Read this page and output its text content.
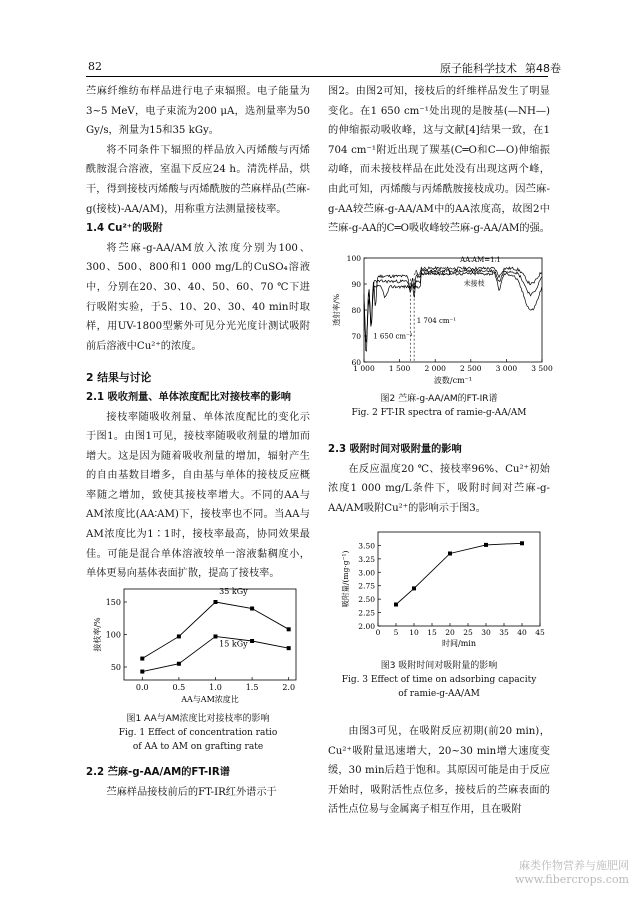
82	原子能科学技术 第48卷

苎麻纤维纺布样品进行电子束辐照。电子能量为3~5 MeV，电子束流为200 μA，选剂量率为50 Gy/s，剂量为15和35 kGy。

将不同条件下辐照的样品放入丙烯酸与丙烯酰胺混合溶液，室温下反应24 h。清洗样品，烘干，得到接枝丙烯酸与丙烯酰胺的苎麻样品(苎麻-g(接枝)-AA/AM)，用称重方法测量接枝率。

1.4 Cu²⁺的吸附

将苎麻-g-AA/AM放入浓度分别为100、300、500、800和1 000 mg/L的CuSO₄溶液中，分别在20、30、40、50、60、70 ℃下进行吸附实验，于5、10、20、30、40 min时取样，用UV-1800型紫外可见分光光度计测试吸附前后溶液中Cu²⁺的浓度。

2 结果与讨论

2.1 吸收剂量、单体浓度配比对接枝率的影响

接枝率随吸收剂量、单体浓度配比的变化示于图1。由图1可见，接枝率随吸收剂量的增加而增大。这是因为随着吸收剂量的增加，辐射产生的自由基数目增多，自由基与单体的接枝反应概率随之增加，致使其接枝率增大。不同的AA与AM浓度比(AA∶AM)下，接枝率也不同。当AA与AM浓度比为1∶1时，接枝率最高，协同效果最佳。可能是混合单体溶液较单一溶液黏稠度小，单体更易向基体表面扩散，提高了接枝率。

2.2 苎麻-g-AA/AM的FT-IR谱

苎麻样品接枝前后的FT-IR红外谱示于

0.0	0.5	1.0	1.5	2.0
50
100
150
AA与AM浓度比
接枝率/%
35 kGy
15 kGy
图1 AA与AM浓度比对接枝率的影响
Fig. 1 Effect of concentration ratio
of AA to AM on grafting rate

图2。由图2可知，接枝后的纤维样品发生了明显变化。在1 650 cm⁻¹处出现的是胺基(—NH—)的伸缩振动吸收峰，这与文献[4]结果一致，在1 704 cm⁻¹附近出现了羰基(C═O和C—O)伸缩振动峰，而未接枝样品在此处没有出现这两个峰，由此可知，丙烯酸与丙烯酰胺接枝成功。因苎麻-g-AA较苎麻-g-AA/AM中的AA浓度高，故图2中苎麻-g-AA的C═O吸收峰较苎麻-g-AA/AM的强。

1 000 1 500 2 000 2 500 3 000 3 500
60
70
80
90
100
波数/cm⁻¹
透射率/%
AA∶AM=1∶1
AA∶AM=2∶1
未接枝
1 704 cm⁻¹
1 650 cm⁻¹
图2 苎麻-g-AA/AM的FT-IR谱
Fig. 2 FT-IR spectra of ramie-g-AA/AM

2.3 吸附时间对吸附量的影响

在反应温度20 ℃、接枝率96%、Cu²⁺初始浓度1 000 mg/L条件下，吸附时间对苎麻-g-AA/AM吸附Cu²⁺的影响示于图3。

0 5 10 15 20 25 30 35 40 45
2.00
2.25
2.50
2.75
3.00
3.25
3.50
时间/min
吸附量/(mg·g⁻¹)
图3 吸附时间对吸附量的影响
Fig. 3 Effect of time on adsorbing capacity
of ramie-g-AA/AM

由图3可见，在吸附反应初期(前20 min)，Cu²⁺吸附量迅速增大，20~30 min增大速度变缓，30 min后趋于饱和。其原因可能是由于反应开始时，吸附活性点位多，接枝后的苎麻表面的活性点位易与金属离子相互作用，且在吸附

麻类作物营养与施肥网
www.fibercrops.com
